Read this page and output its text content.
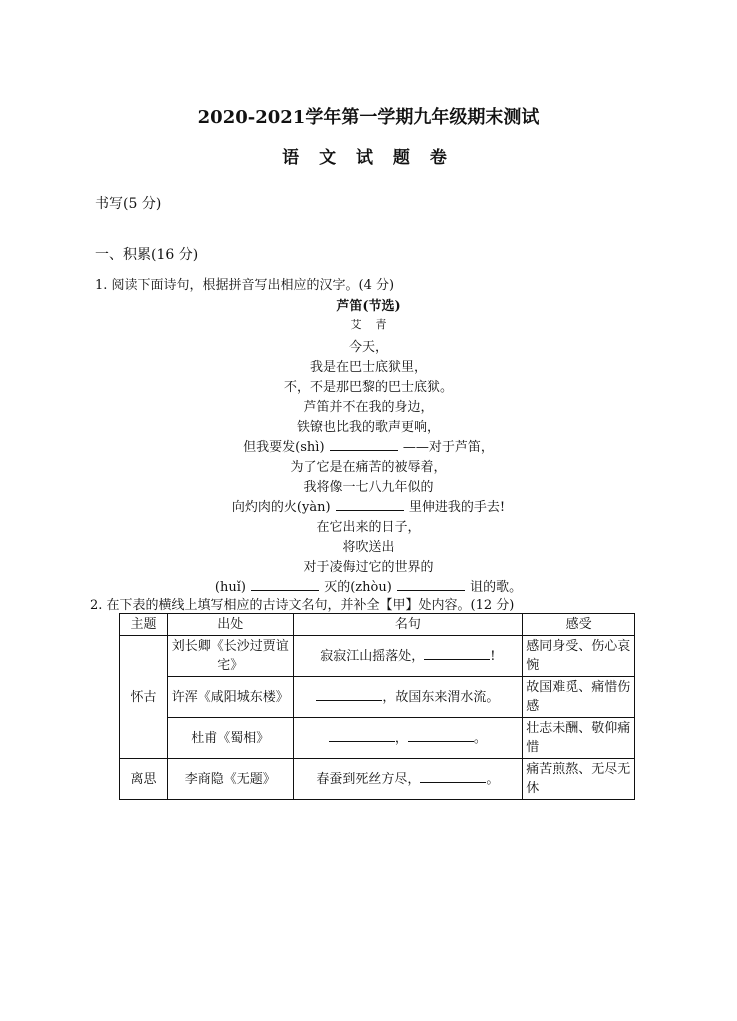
2020-2021学年第一学期九年级期末测试
语 文 试 题 卷
书写(5 分)
一、积累(16 分)
1. 阅读下面诗句，根据拼音写出相应的汉字。(4 分)
芦笛(节选)
艾    青
今天，
我是在巴士底狱里，
不，不是那巴黎的巴士底狱。
芦笛并不在我的身边，
铁镣也比我的歌声更响，
但我要发(shì)	——对于芦笛，
为了它是在痛苦的被辱着，
我将像一七八九年似的
向灼肉的火(yàn)	里伸进我的手去!
在它出来的日子，
将吹送出
对于凌侮过它的世界的
(huǐ)	灭的(zhòu)	诅的歌。
2. 在下表的横线上填写相应的古诗文名句，并补全【甲】处内容。(12 分)
主题	出处	名句	感受
怀古	刘长卿《长沙过贾谊宅》	寂寂江山摇落处， !	感同身受、伤心哀惋
	许浑《咸阳城东楼》	，故国东来渭水流。	故国难觅、痛惜伤感
	杜甫《蜀相》	， 。	壮志未酬、敬仰痛惜
离思	李商隐《无题》	春蚕到死丝方尽， 。	痛苦煎熬、无尽无休
